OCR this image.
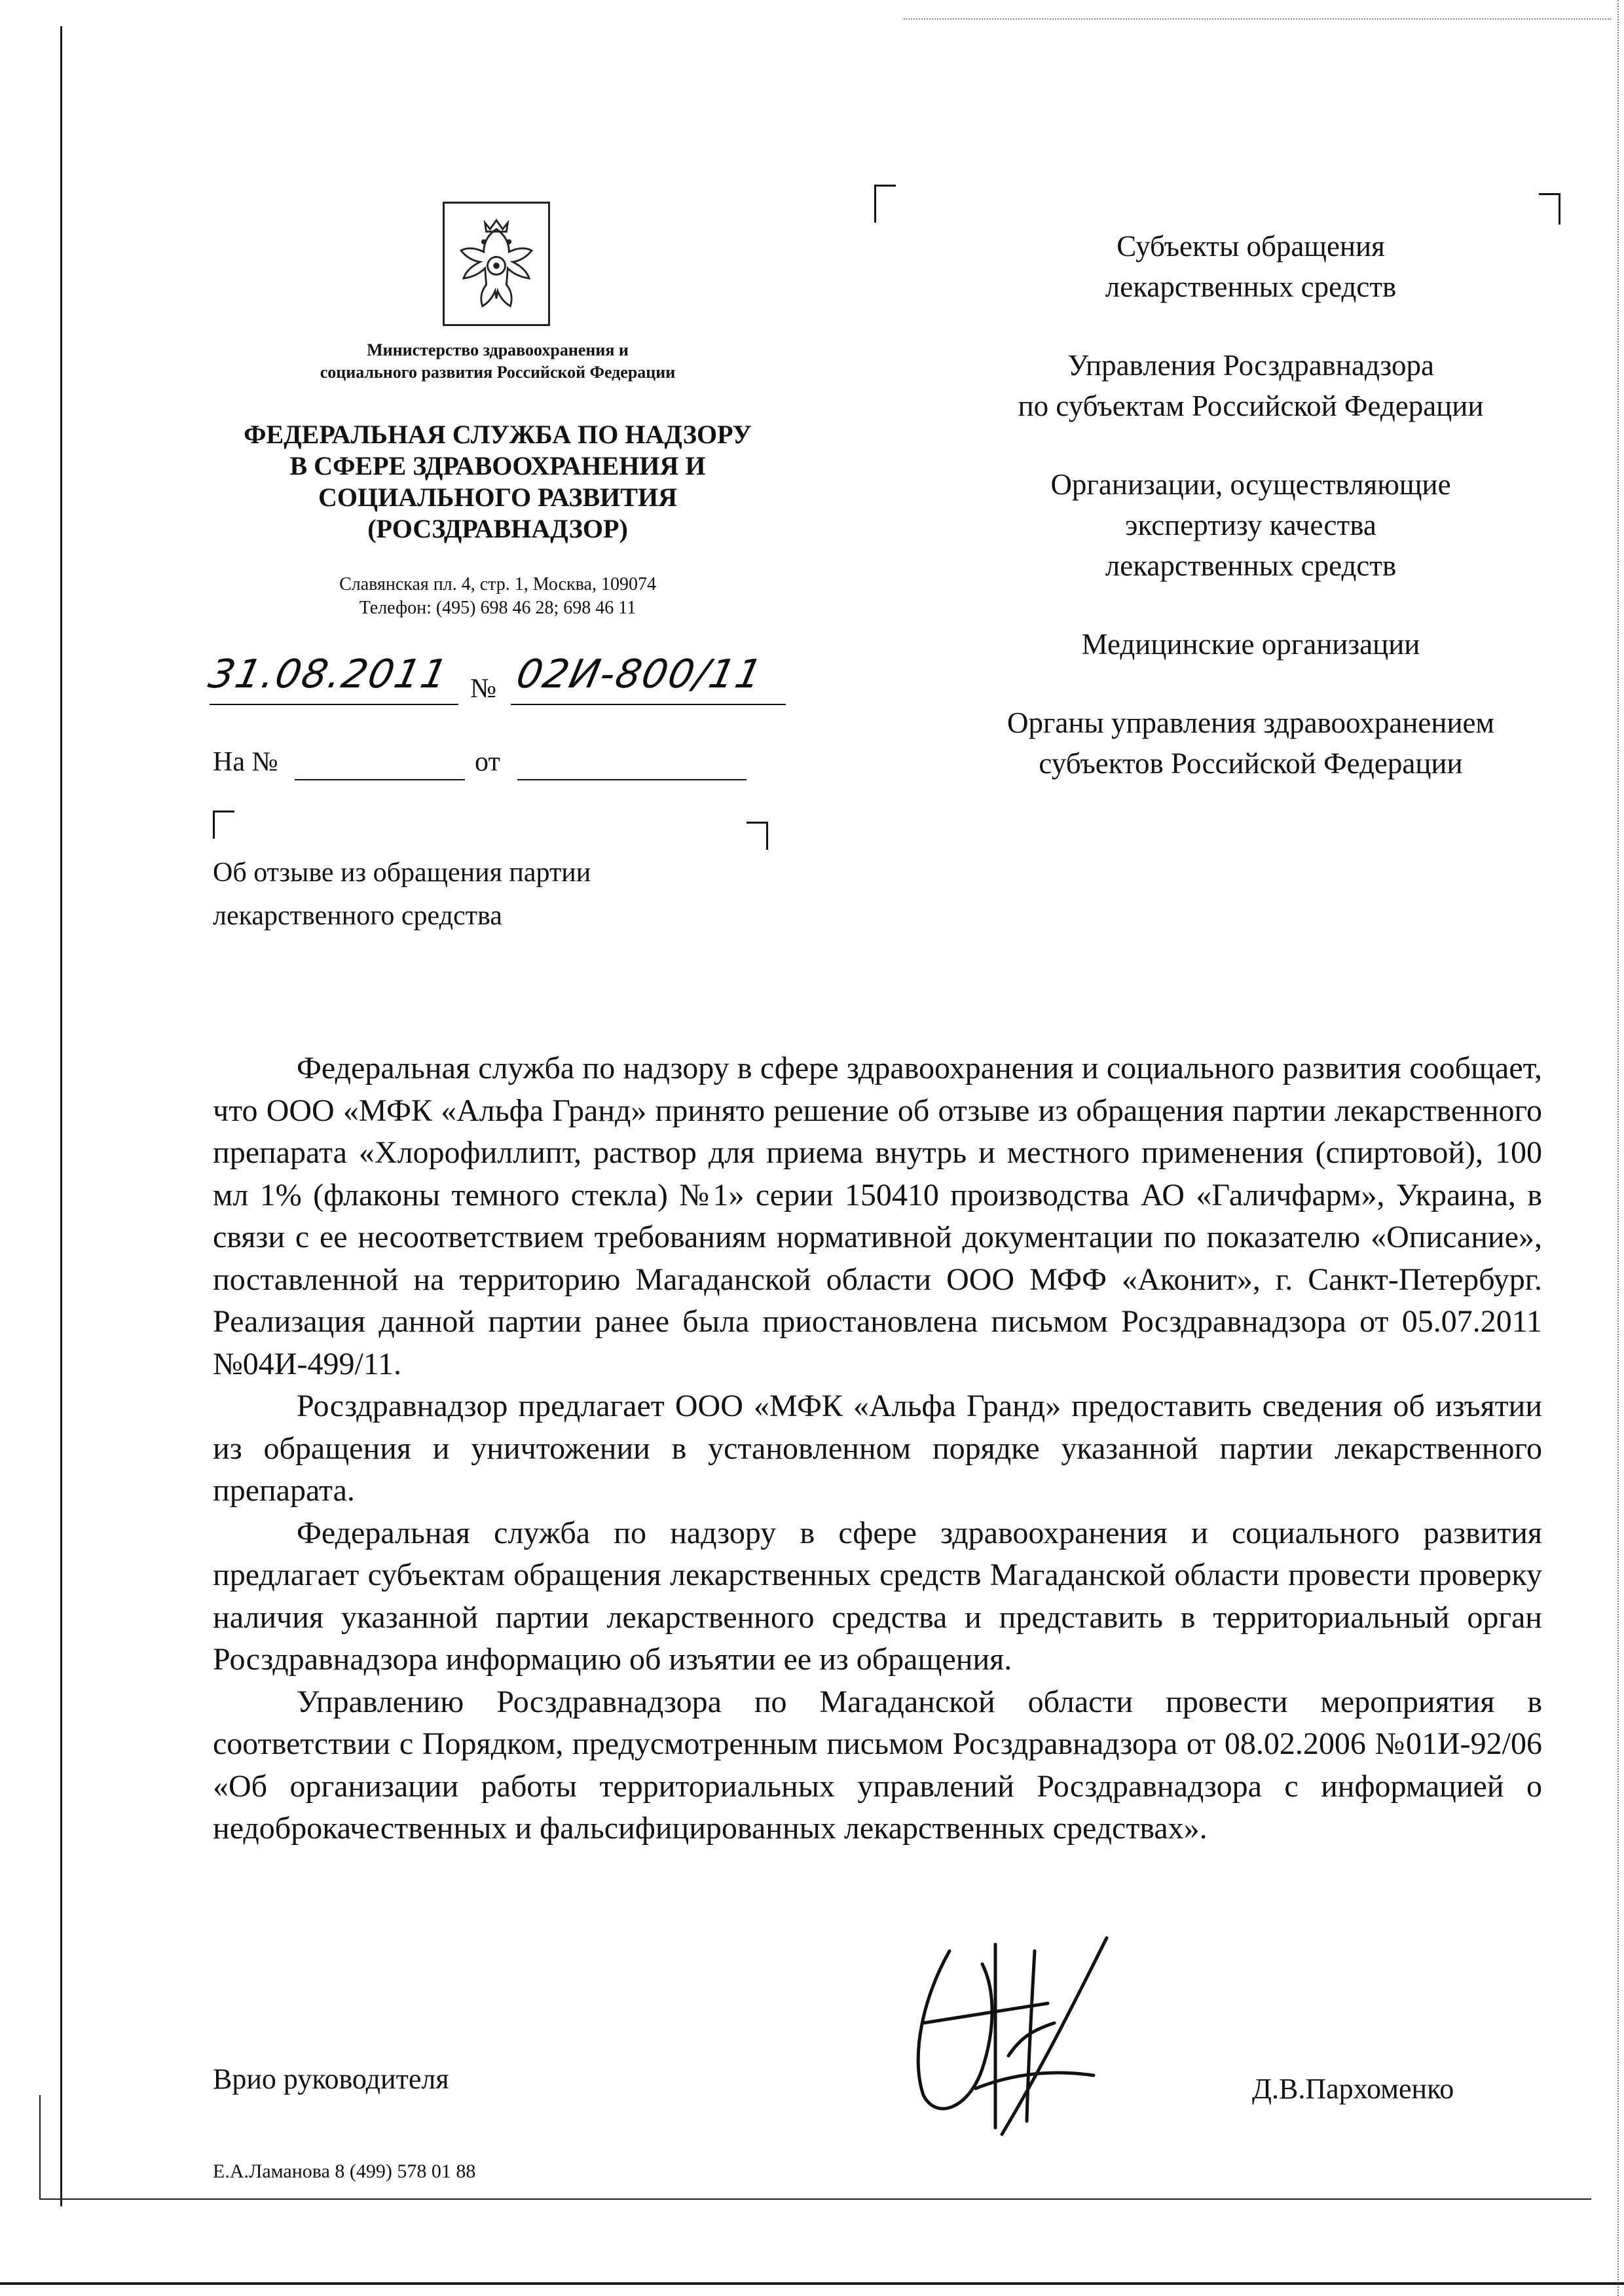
Министерство здравоохранения и
социального развития Российской Федерации
ФЕДЕРАЛЬНАЯ СЛУЖБА ПО НАДЗОРУ
В СФЕРЕ ЗДРАВООХРАНЕНИЯ И
СОЦИАЛЬНОГО РАЗВИТИЯ
(РОСЗДРАВНАДЗОР)
Славянская пл. 4, стр. 1, Москва, 109074
Телефон: (495) 698 46 28; 698 46 11
31.08.2011 № 02И-800/11
На №	от
Об отзыве из обращения партии
лекарственного средства
Субъекты обращения
лекарственных средств
Управления Росздравнадзора
по субъектам Российской Федерации
Организации, осуществляющие
экспертизу качества
лекарственных средств
Медицинские организации
Органы управления здравоохранением
субъектов Российской Федерации

Федеральная служба по надзору в сфере здравоохранения и социального развития сообщает, что ООО «МФК «Альфа Гранд» принято решение об отзыве из обращения партии лекарственного препарата «Хлорофиллипт, раствор для приема внутрь и местного применения (спиртовой), 100 мл 1% (флаконы темного стекла) №1» серии 150410 производства АО «Галичфарм», Украина, в связи с ее несоответствием требованиям нормативной документации по показателю «Описание», поставленной на территорию Магаданской области ООО МФФ «Аконит», г. Санкт-Петербург. Реализация данной партии ранее была приостановлена письмом Росздравнадзора от 05.07.2011 №04И-499/11.

Росздравнадзор предлагает ООО «МФК «Альфа Гранд» предоставить сведения об изъятии из обращения и уничтожении в установленном порядке указанной партии лекарственного препарата.

Федеральная служба по надзору в сфере здравоохранения и социального развития предлагает субъектам обращения лекарственных средств Магаданской области провести проверку наличия указанной партии лекарственного средства и представить в территориальный орган Росздравнадзора информацию об изъятии ее из обращения.

Управлению Росздравнадзора по Магаданской области провести мероприятия в соответствии с Порядком, предусмотренным письмом Росздравнадзора от 08.02.2006 №01И-92/06 «Об организации работы территориальных управлений Росздравнадзора с информацией о недоброкачественных и фальсифицированных лекарственных средствах».

Врио руководителя	Д.В.Пархоменко
Е.А.Ламанова 8 (499) 578 01 88
